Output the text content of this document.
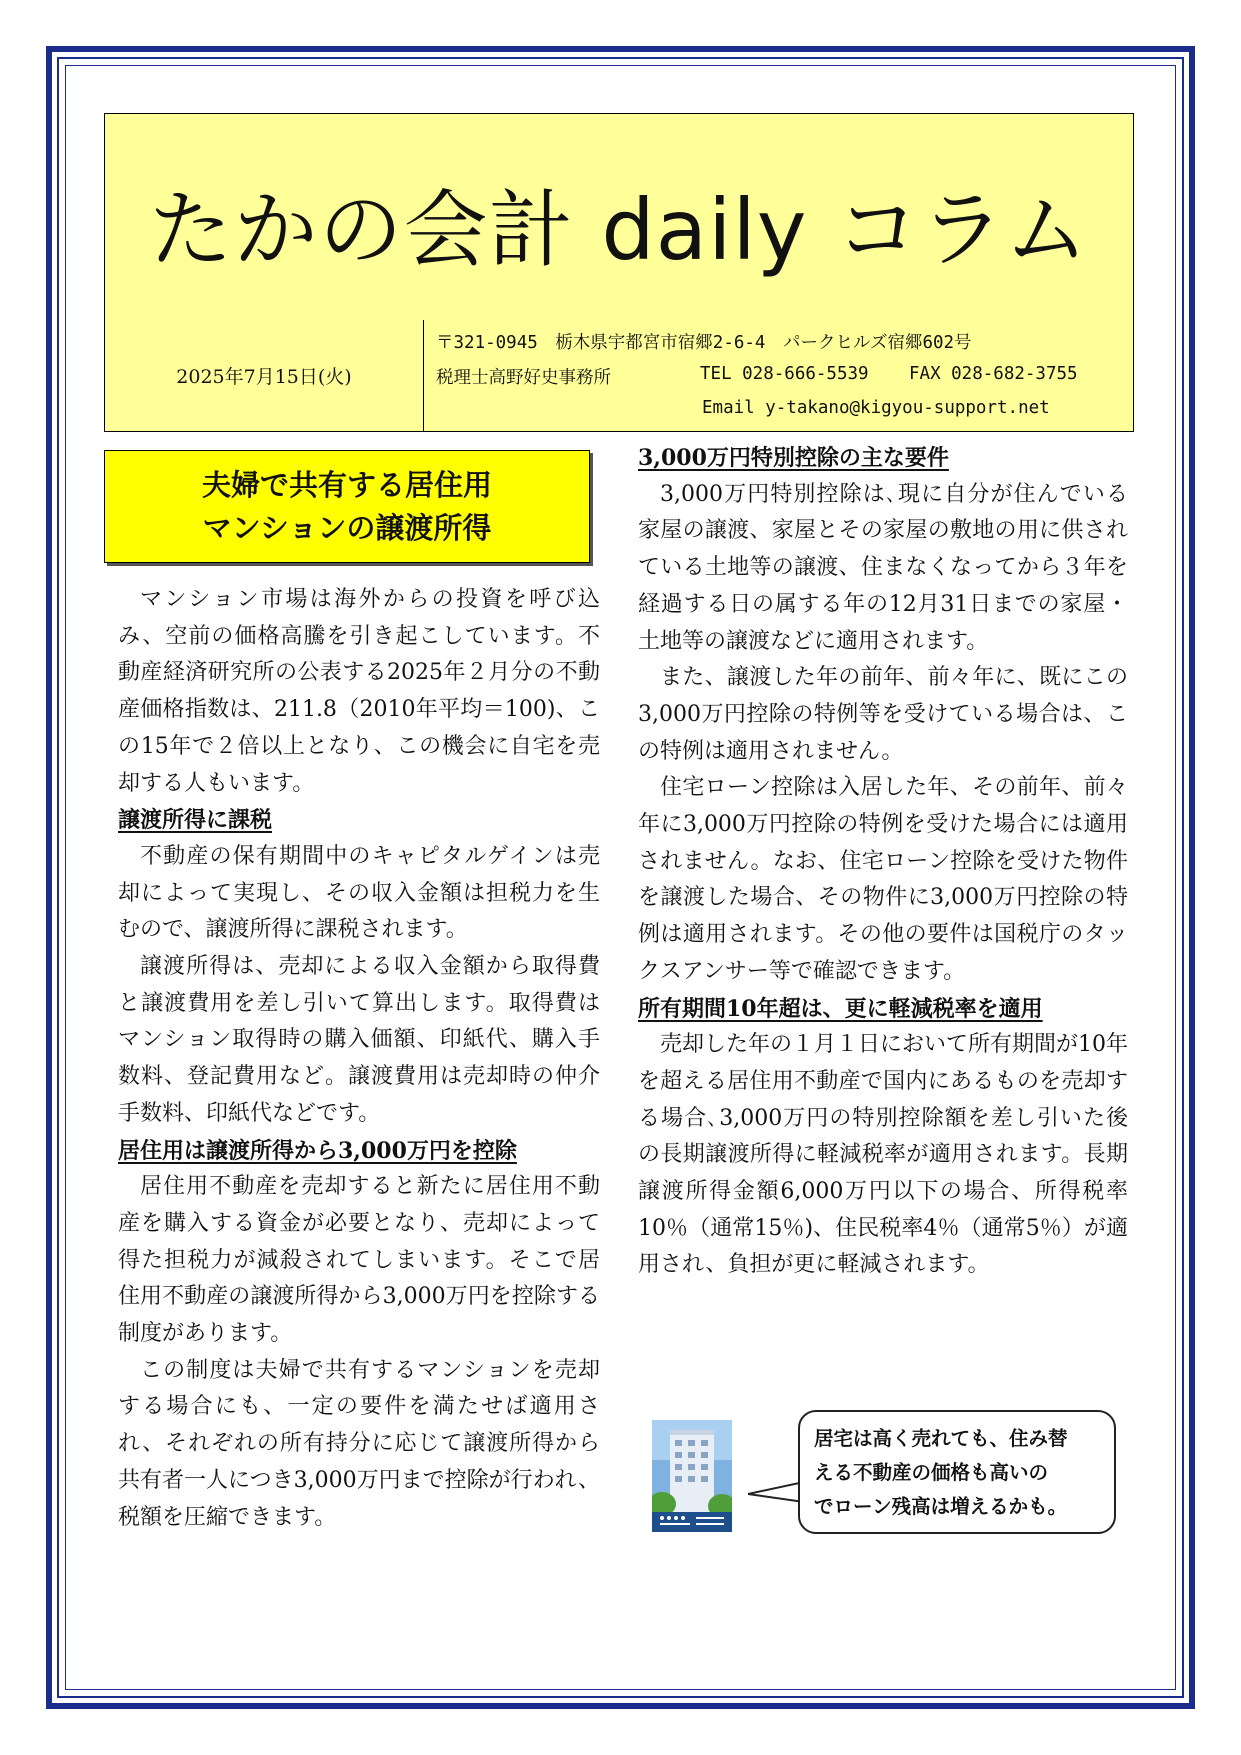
たかの会計 daily コラム
2025年7月15日(火)
〒321-0945　栃木県宇都宮市宿郷2-6-4　パークヒルズ宿郷602号
税理士高野好史事務所	TEL 028-666-5539 FAX 028-682-3755
Email y-takano@kigyou-support.net
夫婦で共有する居住用
マンションの譲渡所得

マンション市場は海外からの投資を呼び込み、空前の価格高騰を引き起こしています。不動産経済研究所の公表する2025年２月分の不動産価格指数は、211.8（2010年平均＝100)、この15年で２倍以上となり、この機会に自宅を売却する人もいます。

譲渡所得に課税

不動産の保有期間中のキャピタルゲインは売却によって実現し、その収入金額は担税力を生むので、譲渡所得に課税されます。

譲渡所得は、売却による収入金額から取得費と譲渡費用を差し引いて算出します。取得費はマンション取得時の購入価額、印紙代、購入手数料、登記費用など。譲渡費用は売却時の仲介手数料、印紙代などです。

居住用は譲渡所得から3,000万円を控除

居住用不動産を売却すると新たに居住用不動産を購入する資金が必要となり、売却によって得た担税力が減殺されてしまいます。そこで居住用不動産の譲渡所得から3,000万円を控除する制度があります。

この制度は夫婦で共有するマンションを売却する場合にも、一定の要件を満たせば適用され、それぞれの所有持分に応じて譲渡所得から共有者一人につき3,000万円まで控除が行われ、税額を圧縮できます。

3,000万円特別控除の主な要件

3,000万円特別控除は､現に自分が住んでいる家屋の譲渡、家屋とその家屋の敷地の用に供されている土地等の譲渡、住まなくなってから３年を経過する日の属する年の12月31日までの家屋・土地等の譲渡などに適用されます。

また、譲渡した年の前年、前々年に、既にこの3,000万円控除の特例等を受けている場合は、この特例は適用されません。

住宅ローン控除は入居した年、その前年、前々年に3,000万円控除の特例を受けた場合には適用されません。なお、住宅ローン控除を受けた物件を譲渡した場合、その物件に3,000万円控除の特例は適用されます。その他の要件は国税庁のタックスアンサー等で確認できます。

所有期間10年超は、更に軽減税率を適用

売却した年の１月１日において所有期間が10年を超える居住用不動産で国内にあるものを売却する場合､3,000万円の特別控除額を差し引いた後の長期譲渡所得に軽減税率が適用されます。長期譲渡所得金額6,000万円以下の場合、所得税率10％（通常15％)、住民税率4％（通常5％）が適用され、負担が更に軽減されます。

居宅は高く売れても、住み替
える不動産の価格も高いの
でローン残高は増えるかも。
